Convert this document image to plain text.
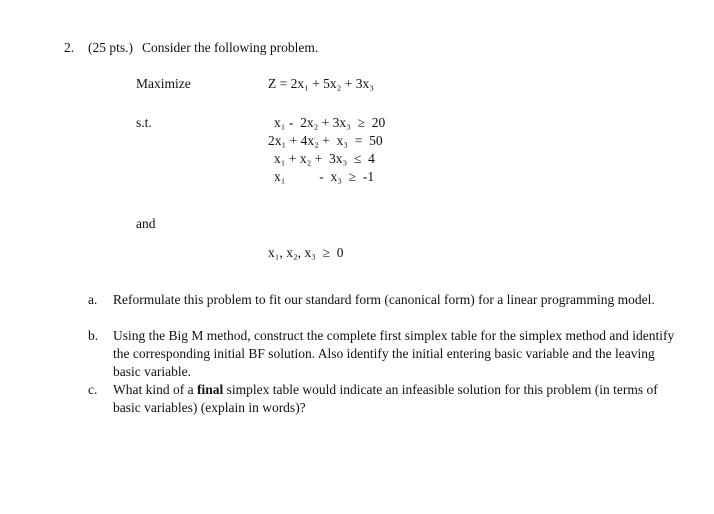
2. (25 pts.) Consider the following problem.
Maximize	Z = 2x₁ + 5x₂ + 3x₃
s.t.	x₁ -  2x₂ + 3x₃  ≥  20
2x₁ + 4x₂ +  x₃  =  50
x₁ + x₂ +  3x₃  ≤  4
x₁          -  x₃  ≥  -1
and
x₁, x₂, x₃  ≥  0
a. Reformulate this problem to fit our standard form (canonical form) for a linear programming model.
b. Using the Big M method, construct the complete first simplex table for the simplex method and identify the corresponding initial BF solution. Also identify the initial entering basic variable and the leaving basic variable.
c. What kind of a final simplex table would indicate an infeasible solution for this problem (in terms of basic variables) (explain in words)?
